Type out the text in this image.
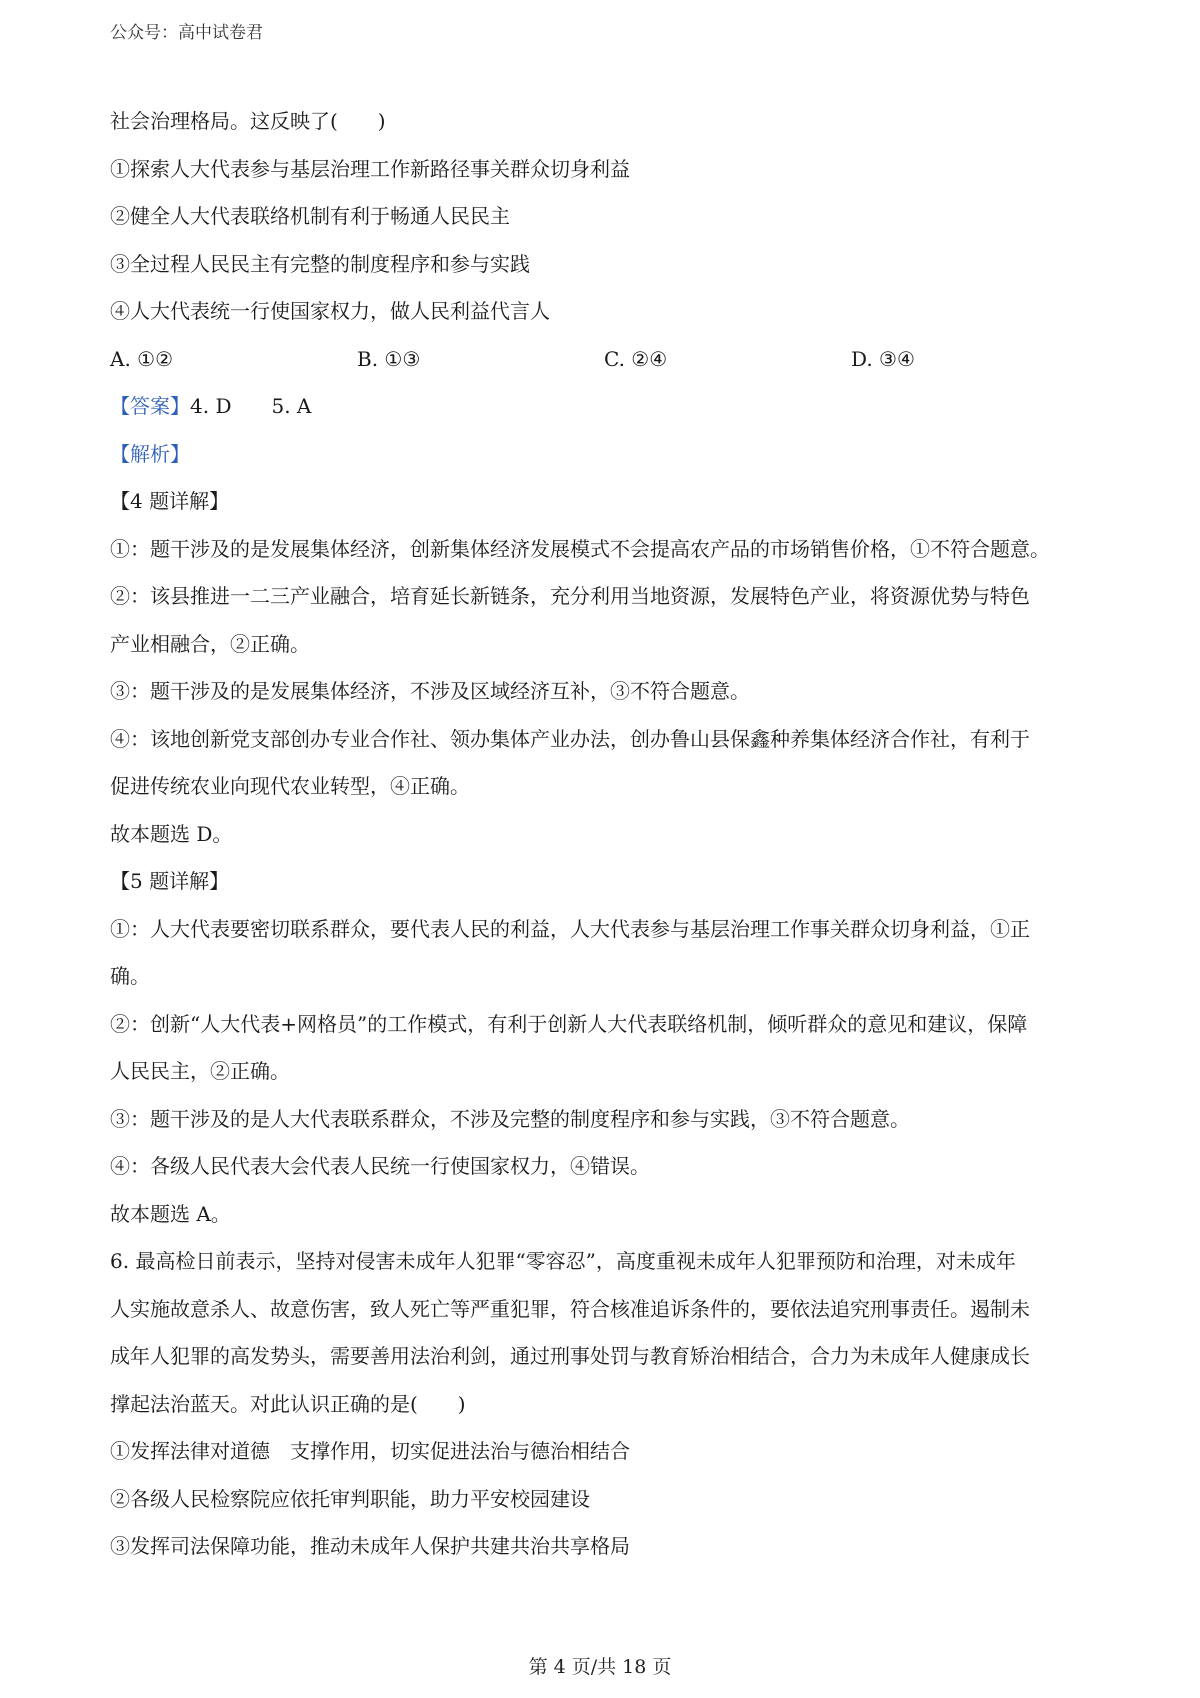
公众号：高中试卷君
社会治理格局。这反映了(　　)
①探索人大代表参与基层治理工作新路径事关群众切身利益
②健全人大代表联络机制有利于畅通人民民主
③全过程人民民主有完整的制度程序和参与实践
④人大代表统一行使国家权力，做人民利益代言人
A. ①②	B. ①③	C. ②④	D. ③④
【答案】4. D　　5. A
【解析】
【4 题详解】
①：题干涉及的是发展集体经济，创新集体经济发展模式不会提高农产品的市场销售价格，①不符合题意。
②：该县推进一二三产业融合，培育延长新链条，充分利用当地资源，发展特色产业，将资源优势与特色
产业相融合，②正确。
③：题干涉及的是发展集体经济，不涉及区域经济互补，③不符合题意。
④：该地创新党支部创办专业合作社、领办集体产业办法，创办鲁山县保鑫种养集体经济合作社，有利于
促进传统农业向现代农业转型，④正确。
故本题选 D。
【5 题详解】
①：人大代表要密切联系群众，要代表人民的利益，人大代表参与基层治理工作事关群众切身利益，①正
确。
②：创新“人大代表+网格员”的工作模式，有利于创新人大代表联络机制，倾听群众的意见和建议，保障
人民民主，②正确。
③：题干涉及的是人大代表联系群众，不涉及完整的制度程序和参与实践，③不符合题意。
④：各级人民代表大会代表人民统一行使国家权力，④错误。
故本题选 A。
6. 最高检日前表示，坚持对侵害未成年人犯罪“零容忍”，高度重视未成年人犯罪预防和治理，对未成年
人实施故意杀人、故意伤害，致人死亡等严重犯罪，符合核准追诉条件的，要依法追究刑事责任。遏制未
成年人犯罪的高发势头，需要善用法治利剑，通过刑事处罚与教育矫治相结合，合力为未成年人健康成长
撑起法治蓝天。对此认识正确的是(　　)
①发挥法律对道德　支撑作用，切实促进法治与德治相结合
②各级人民检察院应依托审判职能，助力平安校园建设
③发挥司法保障功能，推动未成年人保护共建共治共享格局
第 4 页/共 18 页
